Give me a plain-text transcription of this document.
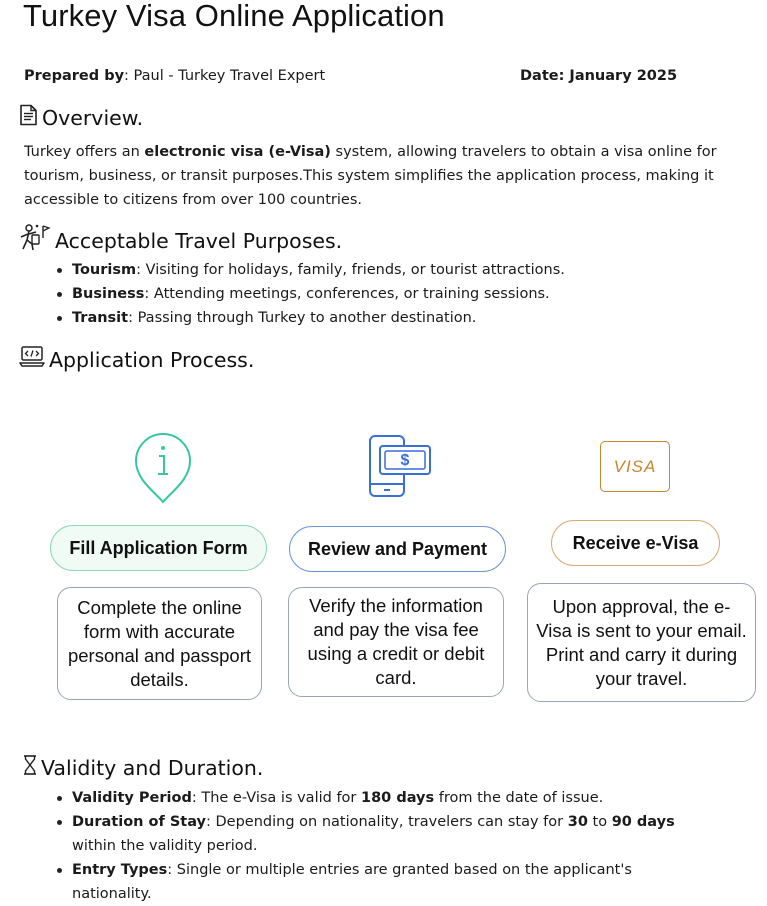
Turkey Visa Online Application
Prepared by: Paul - Turkey Travel Expert	Date: January 2025
Overview.

Turkey offers an electronic visa (e-Visa) system, allowing travelers to obtain a visa online for tourism, business, or transit purposes.This system simplifies the application process, making it accessible to citizens from over 100 countries.

Acceptable Travel Purposes.
Tourism: Visiting for holidays, family, friends, or tourist attractions.
Business: Attending meetings, conferences, or training sessions.
Transit: Passing through Turkey to another destination.
Application Process.
$	VISA
Fill Application Form	Review and Payment	Receive e-Visa
Complete the online form with accurate personal and passport details.
Verify the information and pay the visa fee using a credit or debit card.
Upon approval, the e-Visa is sent to your email. Print and carry it during your travel.
Validity and Duration.
Validity Period: The e-Visa is valid for 180 days from the date of issue.
Duration of Stay: Depending on nationality, travelers can stay for 30 to 90 days within the validity period.
Entry Types: Single or multiple entries are granted based on the applicant's nationality.
